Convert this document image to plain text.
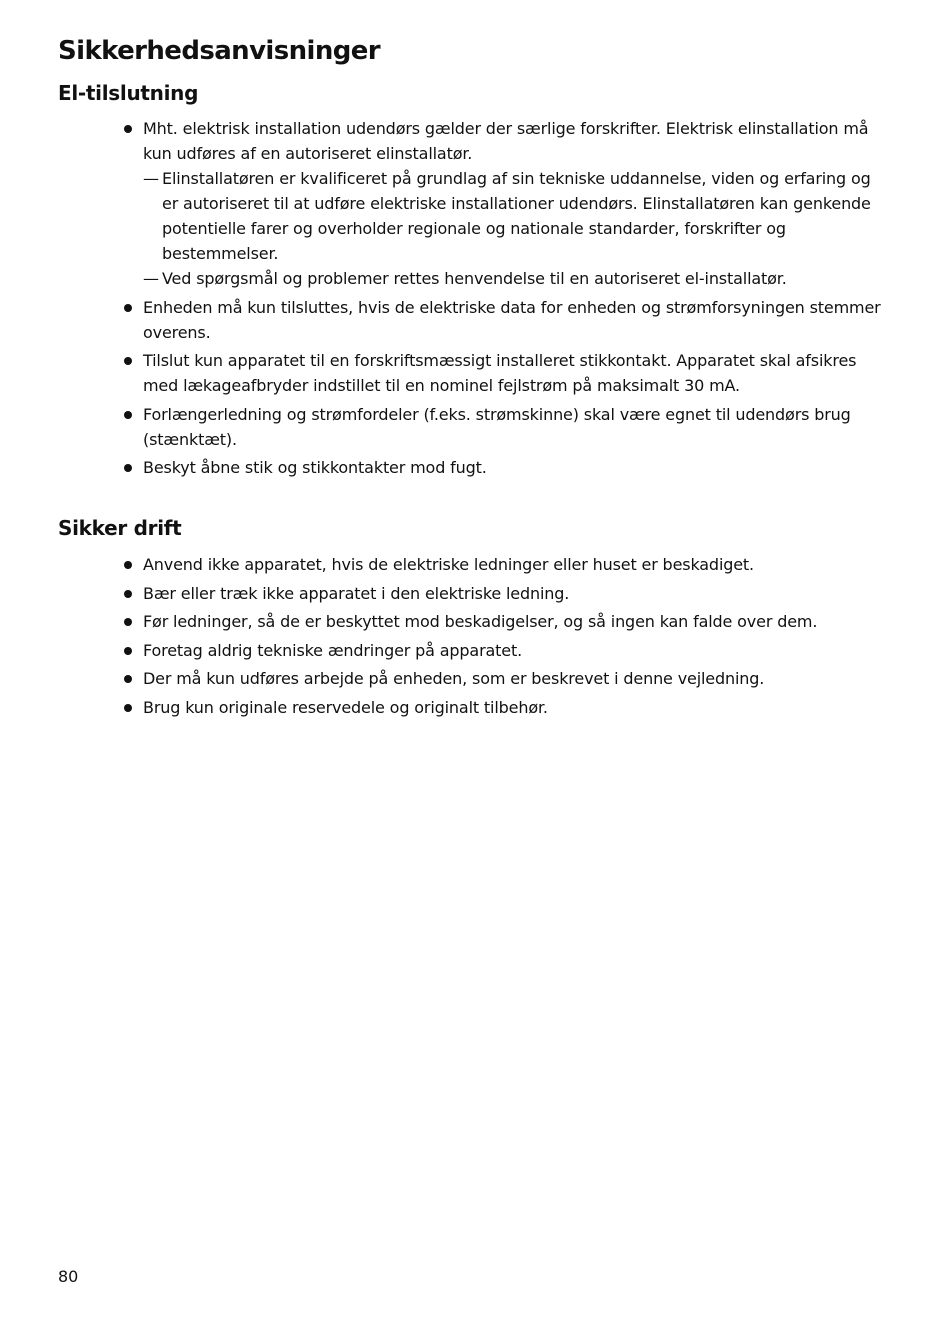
Sikkerhedsanvisninger
El-tilslutning
Mht. elektrisk installation udendørs gælder der særlige forskrifter. Elektrisk elinstallation må kun udføres af en autoriseret elinstallatør.
— Elinstallatøren er kvalificeret på grundlag af sin tekniske uddannelse, viden og erfaring og er autoriseret til at udføre elektriske installationer udendørs. Elinstallatøren kan genkende potentielle farer og overholder regionale og nationale standarder, forskrifter og bestemmelser.
— Ved spørgsmål og problemer rettes henvendelse til en autoriseret el-installatør.
Enheden må kun tilsluttes, hvis de elektriske data for enheden og strømforsyningen stemmer overens.
Tilslut kun apparatet til en forskriftsmæssigt installeret stikkontakt. Apparatet skal afsikres med lækageafbryder indstillet til en nominel fejlstrøm på maksimalt 30 mA.
Forlængerledning og strømfordeler (f.eks. strømskinne) skal være egnet til udendørs brug (stænktæt).
Beskyt åbne stik og stikkontakter mod fugt.
Sikker drift
Anvend ikke apparatet, hvis de elektriske ledninger eller huset er beskadiget.
Bær eller træk ikke apparatet i den elektriske ledning.
Før ledninger, så de er beskyttet mod beskadigelser, og så ingen kan falde over dem.
Foretag aldrig tekniske ændringer på apparatet.
Der må kun udføres arbejde på enheden, som er beskrevet i denne vejledning.
Brug kun originale reservedele og originalt tilbehør.
80
